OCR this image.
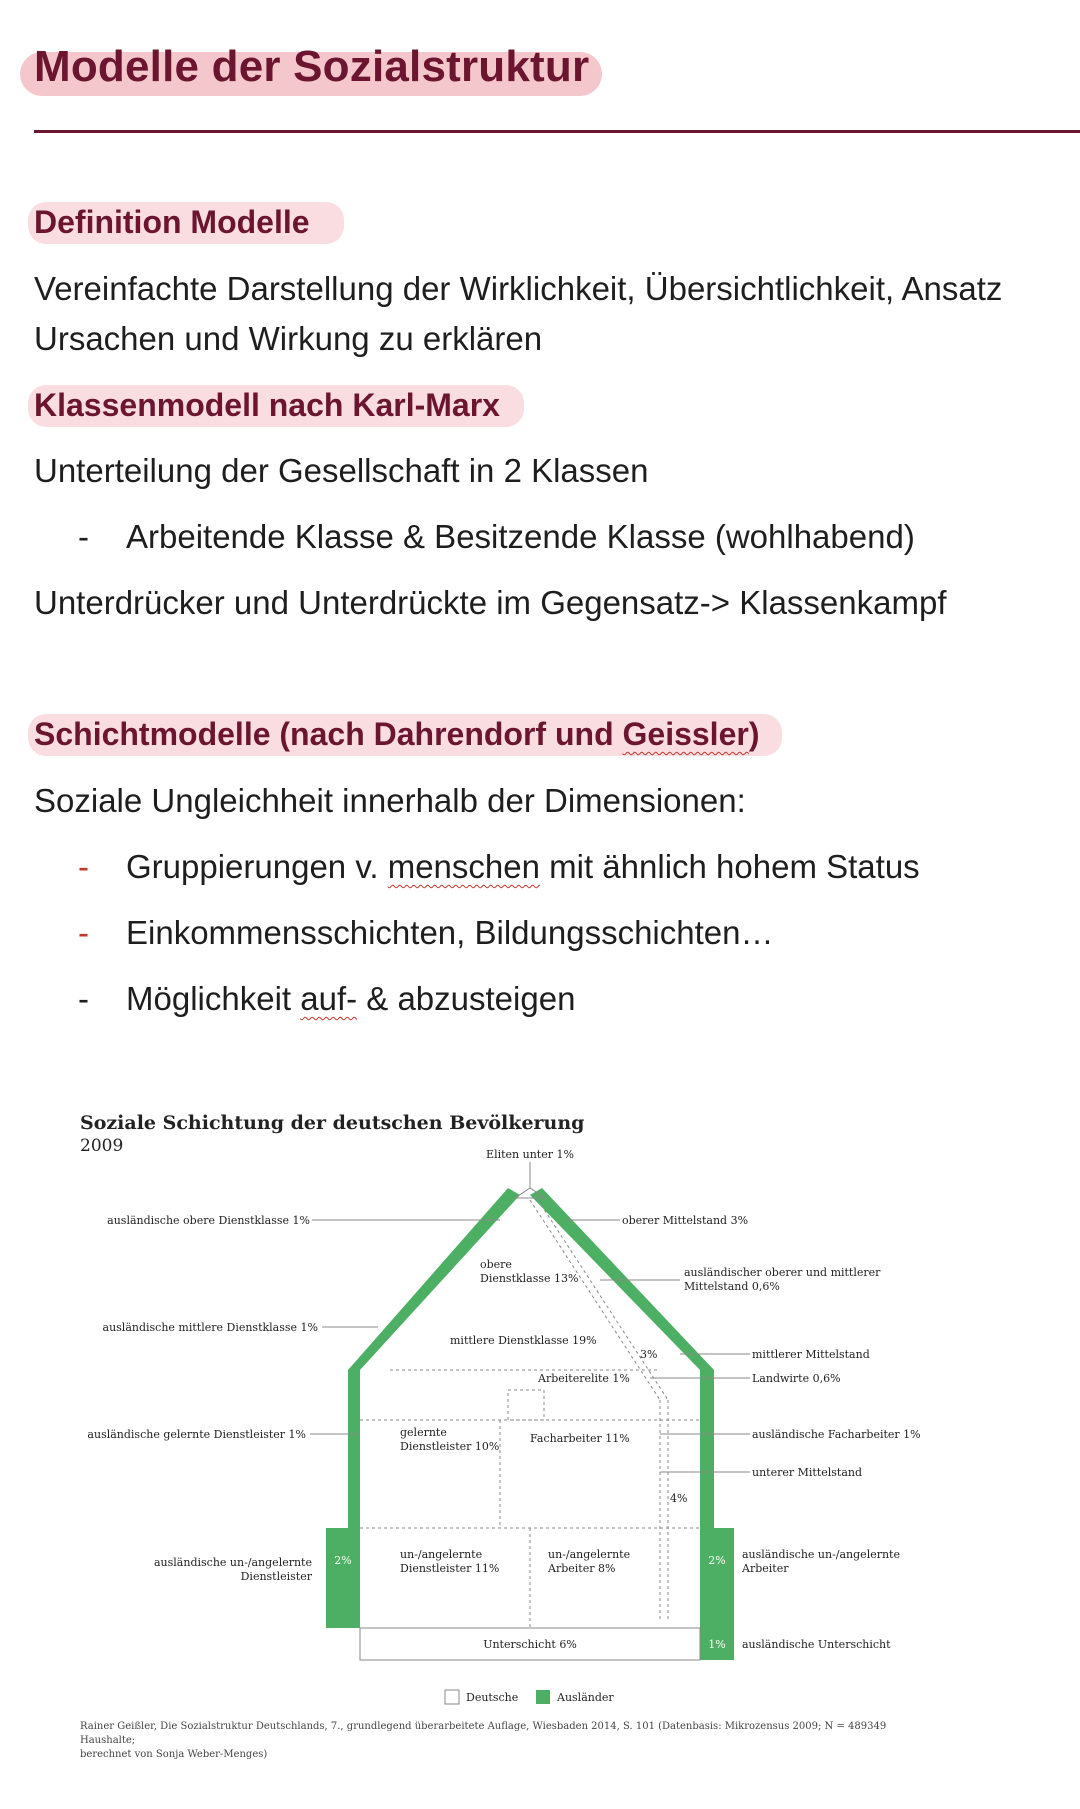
Modelle der Sozialstruktur
Definition Modelle
Vereinfachte Darstellung der Wirklichkeit, Übersichtlichkeit, Ansatz
Ursachen und Wirkung zu erklären
Klassenmodell nach Karl-Marx
Unterteilung der Gesellschaft in 2 Klassen
- Arbeitende Klasse & Besitzende Klasse (wohlhabend)
Unterdrücker und Unterdrückte im Gegensatz-> Klassenkampf
Schichtmodelle (nach Dahrendorf und Geissler)
Soziale Ungleichheit innerhalb der Dimensionen:
- Gruppierungen v. menschen mit ähnlich hohem Status
- Einkommensschichten, Bildungsschichten…
- Möglichkeit auf- & abzusteigen
Soziale Schichtung der deutschen Bevölkerung
2009	Eliten unter 1%
oberer Mittelstand 3%
ausländische obere Dienstklasse 1%
obere
Dienstklasse 13%	ausländischer oberer und mittlerer
Mittelstand 0,6%
ausländische mittlere Dienstklasse 1%
mittlere Dienstklasse 19%
3%	mittlerer Mittelstand
Arbeiterelite 1%	Landwirte 0,6%
ausländische gelernte Dienstleister 1%	gelernte
Dienstleister 10%
Facharbeiter 11%	ausländische Facharbeiter 1%
unterer Mittelstand
4%
ausländische un-/angelernte
Dienstleister
2%	un-/angelernte
Dienstleister 11%
un-/angelernte
Arbeiter 8%
2% ausländische un-/angelernte
Arbeiter
Unterschicht 6%	1% ausländische Unterschicht
Deutsche	Ausländer
Rainer Geißler, Die Sozialstruktur Deutschlands, 7., grundlegend überarbeitete Auflage, Wiesbaden 2014, S. 101 (Datenbasis: Mikrozensus 2009; N = 489349 Haushalte;
berechnet von Sonja Weber-Menges)
